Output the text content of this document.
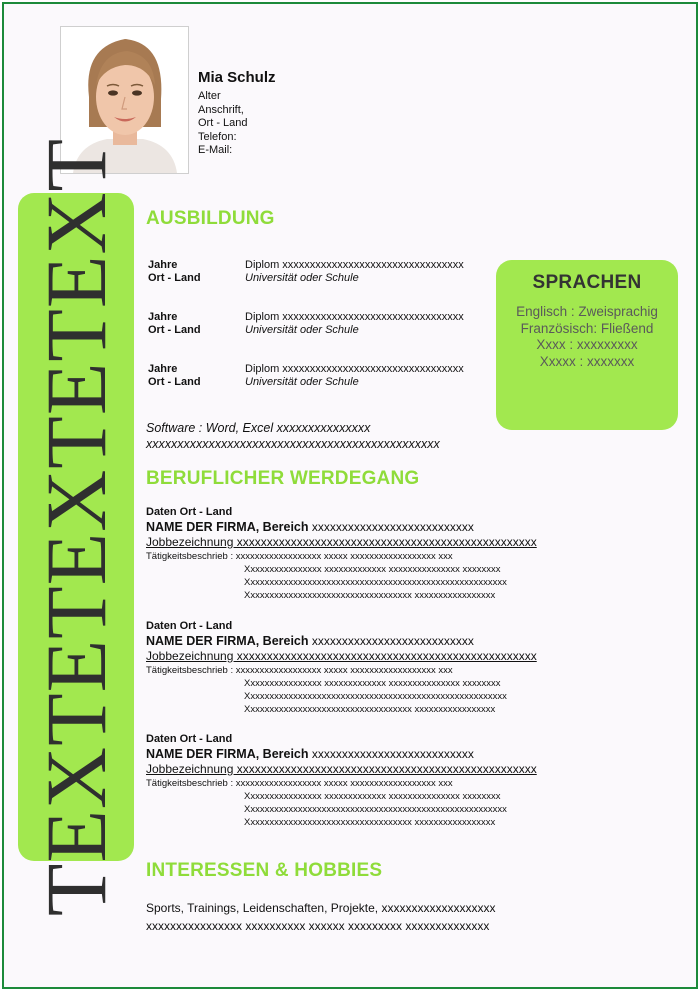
Mia Schulz
Alter
Anschrift,
Ort - Land
Telefon:
E-Mail:
TEXTETEXTETEXT AUSBILDUNG
Jahre
Ort - Land
Diplom xxxxxxxxxxxxxxxxxxxxxxxxxxxxxxxxx
Universität oder Schule
Jahre
Ort - Land
Diplom xxxxxxxxxxxxxxxxxxxxxxxxxxxxxxxxx
Universität oder Schule
Jahre
Ort - Land
Diplom xxxxxxxxxxxxxxxxxxxxxxxxxxxxxxxxx
Universität oder Schule
SPRACHEN
Englisch : Zweisprachig
Französisch: Fließend
Xxxx : xxxxxxxxx
Xxxxx : xxxxxxx
Software : Word, Excel xxxxxxxxxxxxxxx
xxxxxxxxxxxxxxxxxxxxxxxxxxxxxxxxxxxxxxxxxxxxxxx
BERUFLICHER WERDEGANG
Daten Ort - Land
NAME DER FIRMA, Bereich xxxxxxxxxxxxxxxxxxxxxxxxxxx
Jobbezeichnung xxxxxxxxxxxxxxxxxxxxxxxxxxxxxxxxxxxxxxxxxxxxxxxxxx
Tätigkeitsbeschrieb : xxxxxxxxxxxxxxxxxx xxxxx xxxxxxxxxxxxxxxxxx xxx
Xxxxxxxxxxxxxxxx xxxxxxxxxxxxx xxxxxxxxxxxxxxx xxxxxxxx
Xxxxxxxxxxxxxxxxxxxxxxxxxxxxxxxxxxxxxxxxxxxxxxxxxxxxxxx
Xxxxxxxxxxxxxxxxxxxxxxxxxxxxxxxxxxx xxxxxxxxxxxxxxxxx
Daten Ort - Land
NAME DER FIRMA, Bereich xxxxxxxxxxxxxxxxxxxxxxxxxxx
Jobbezeichnung xxxxxxxxxxxxxxxxxxxxxxxxxxxxxxxxxxxxxxxxxxxxxxxxxx
Tätigkeitsbeschrieb : xxxxxxxxxxxxxxxxxx xxxxx xxxxxxxxxxxxxxxxxx xxx
Xxxxxxxxxxxxxxxx xxxxxxxxxxxxx xxxxxxxxxxxxxxx xxxxxxxx
Xxxxxxxxxxxxxxxxxxxxxxxxxxxxxxxxxxxxxxxxxxxxxxxxxxxxxxx
Xxxxxxxxxxxxxxxxxxxxxxxxxxxxxxxxxxx xxxxxxxxxxxxxxxxx
Daten Ort - Land
NAME DER FIRMA, Bereich xxxxxxxxxxxxxxxxxxxxxxxxxxx
Jobbezeichnung xxxxxxxxxxxxxxxxxxxxxxxxxxxxxxxxxxxxxxxxxxxxxxxxxx
Tätigkeitsbeschrieb : xxxxxxxxxxxxxxxxxx xxxxx xxxxxxxxxxxxxxxxxx xxx
Xxxxxxxxxxxxxxxx xxxxxxxxxxxxx xxxxxxxxxxxxxxx xxxxxxxx
Xxxxxxxxxxxxxxxxxxxxxxxxxxxxxxxxxxxxxxxxxxxxxxxxxxxxxxx
Xxxxxxxxxxxxxxxxxxxxxxxxxxxxxxxxxxx xxxxxxxxxxxxxxxxx
INTERESSEN & HOBBIES
Sports, Trainings, Leidenschaften, Projekte, xxxxxxxxxxxxxxxxxxx
xxxxxxxxxxxxxxxx xxxxxxxxxx xxxxxx xxxxxxxxx xxxxxxxxxxxxxx
